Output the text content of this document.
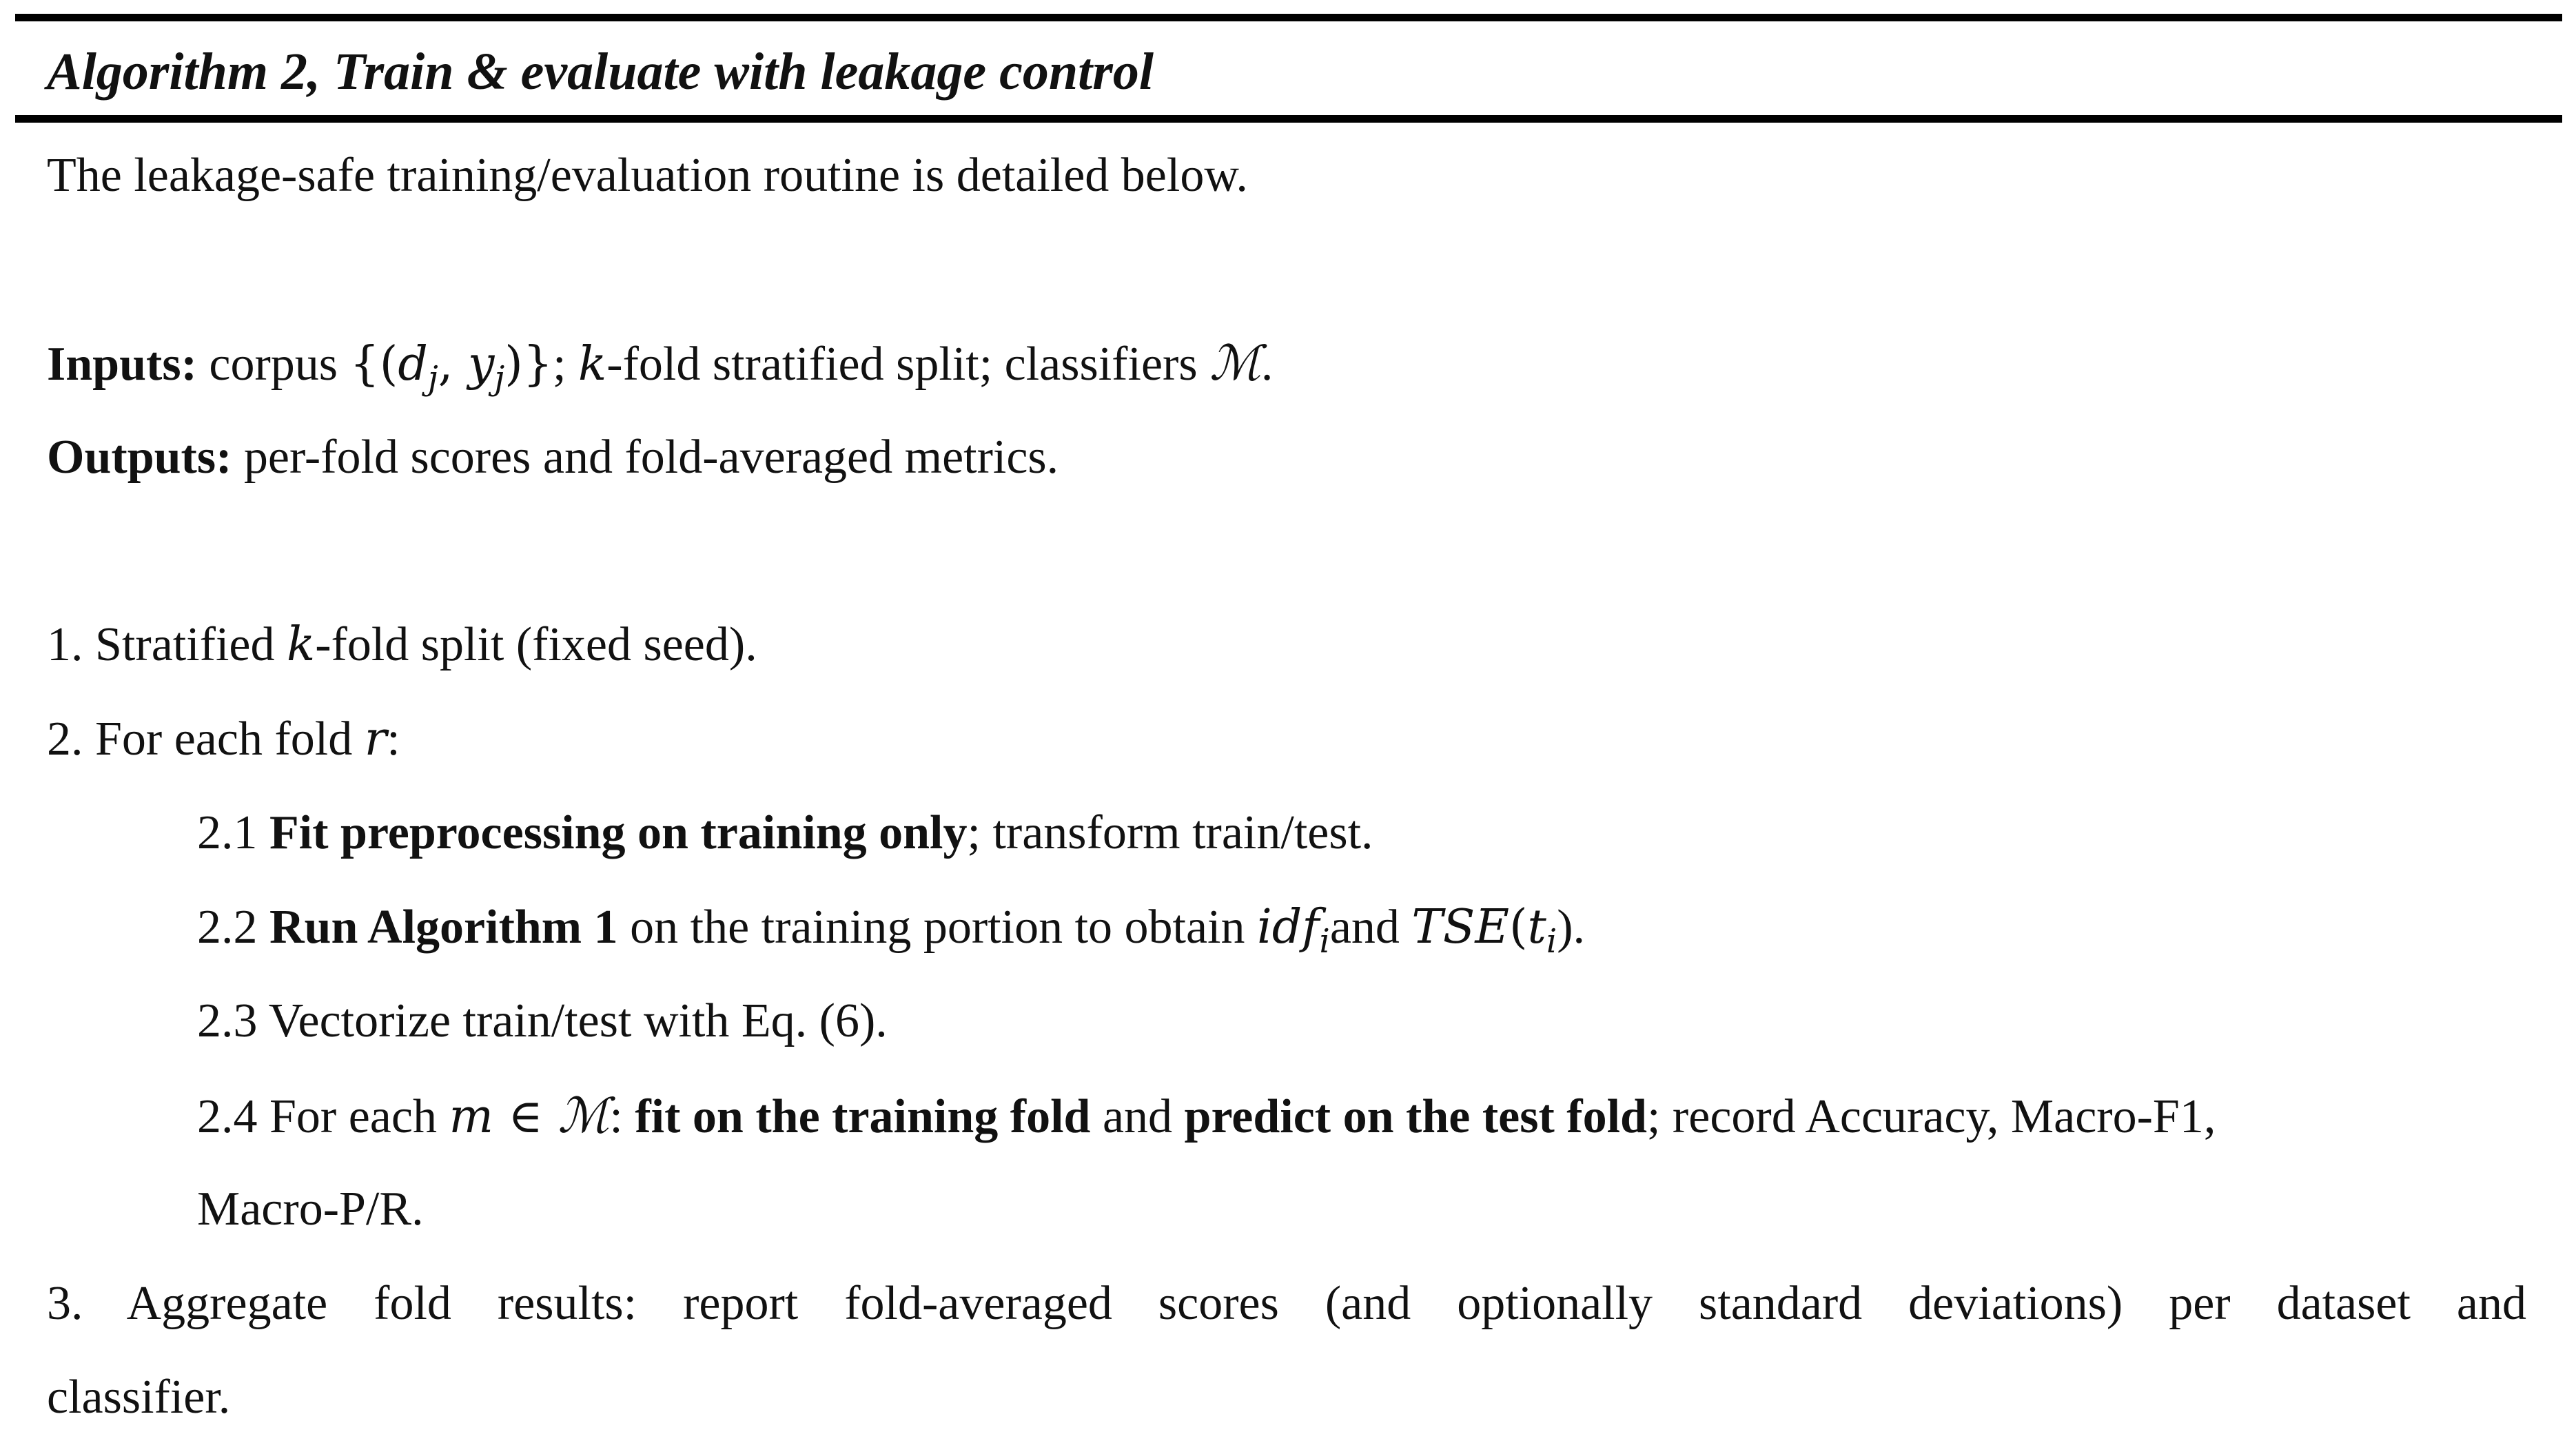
Algorithm 2, Train & evaluate with leakage control
The leakage-safe training/evaluation routine is detailed below.
Inputs: corpus {($d_j$, $y_j$)}; k-fold stratified split; classifiers ℳ.
Outputs: per-fold scores and fold-averaged metrics.
1. Stratified k-fold split (fixed seed).
2. For each fold r:
2.1 Fit preprocessing on training only; transform train/test.
2.2 Run Algorithm 1 on the training portion to obtain idf$_i$and $TSE(t_i)$.
2.3 Vectorize train/test with Eq. (6).
2.4 For each m ∈ ℳ: fit on the training fold and predict on the test fold; record Accuracy, Macro-F1,
Macro-P/R.
3. Aggregate fold results: report fold-averaged scores (and optionally standard deviations) per dataset and
classifier.
